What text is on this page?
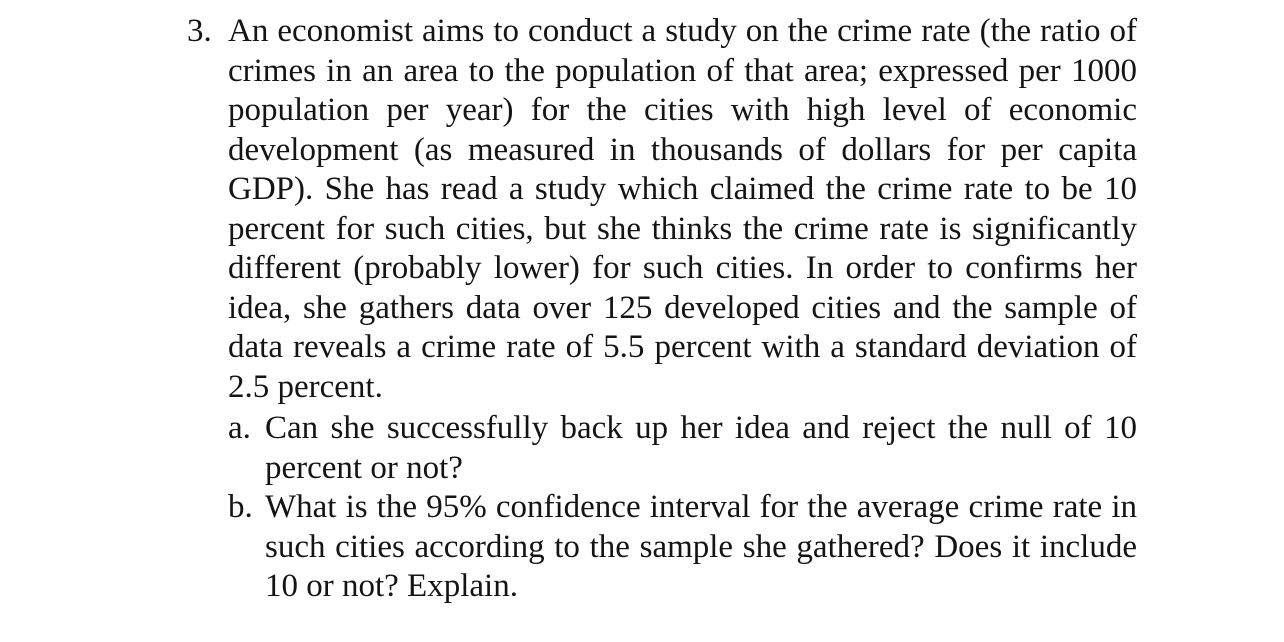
3. An economist aims to conduct a study on the crime rate (the ratio of crimes in an area to the population of that area; expressed per 1000 population per year) for the cities with high level of economic development (as measured in thousands of dollars for per capita GDP). She has read a study which claimed the crime rate to be 10 percent for such cities, but she thinks the crime rate is significantly different (probably lower) for such cities. In order to confirms her idea, she gathers data over 125 developed cities and the sample of data reveals a crime rate of 5.5 percent with a standard deviation of 2.5 percent.

a. Can she successfully back up her idea and reject the null of 10 percent or not?

b. What is the 95% confidence interval for the average crime rate in such cities according to the sample she gathered? Does it include 10 or not? Explain.
